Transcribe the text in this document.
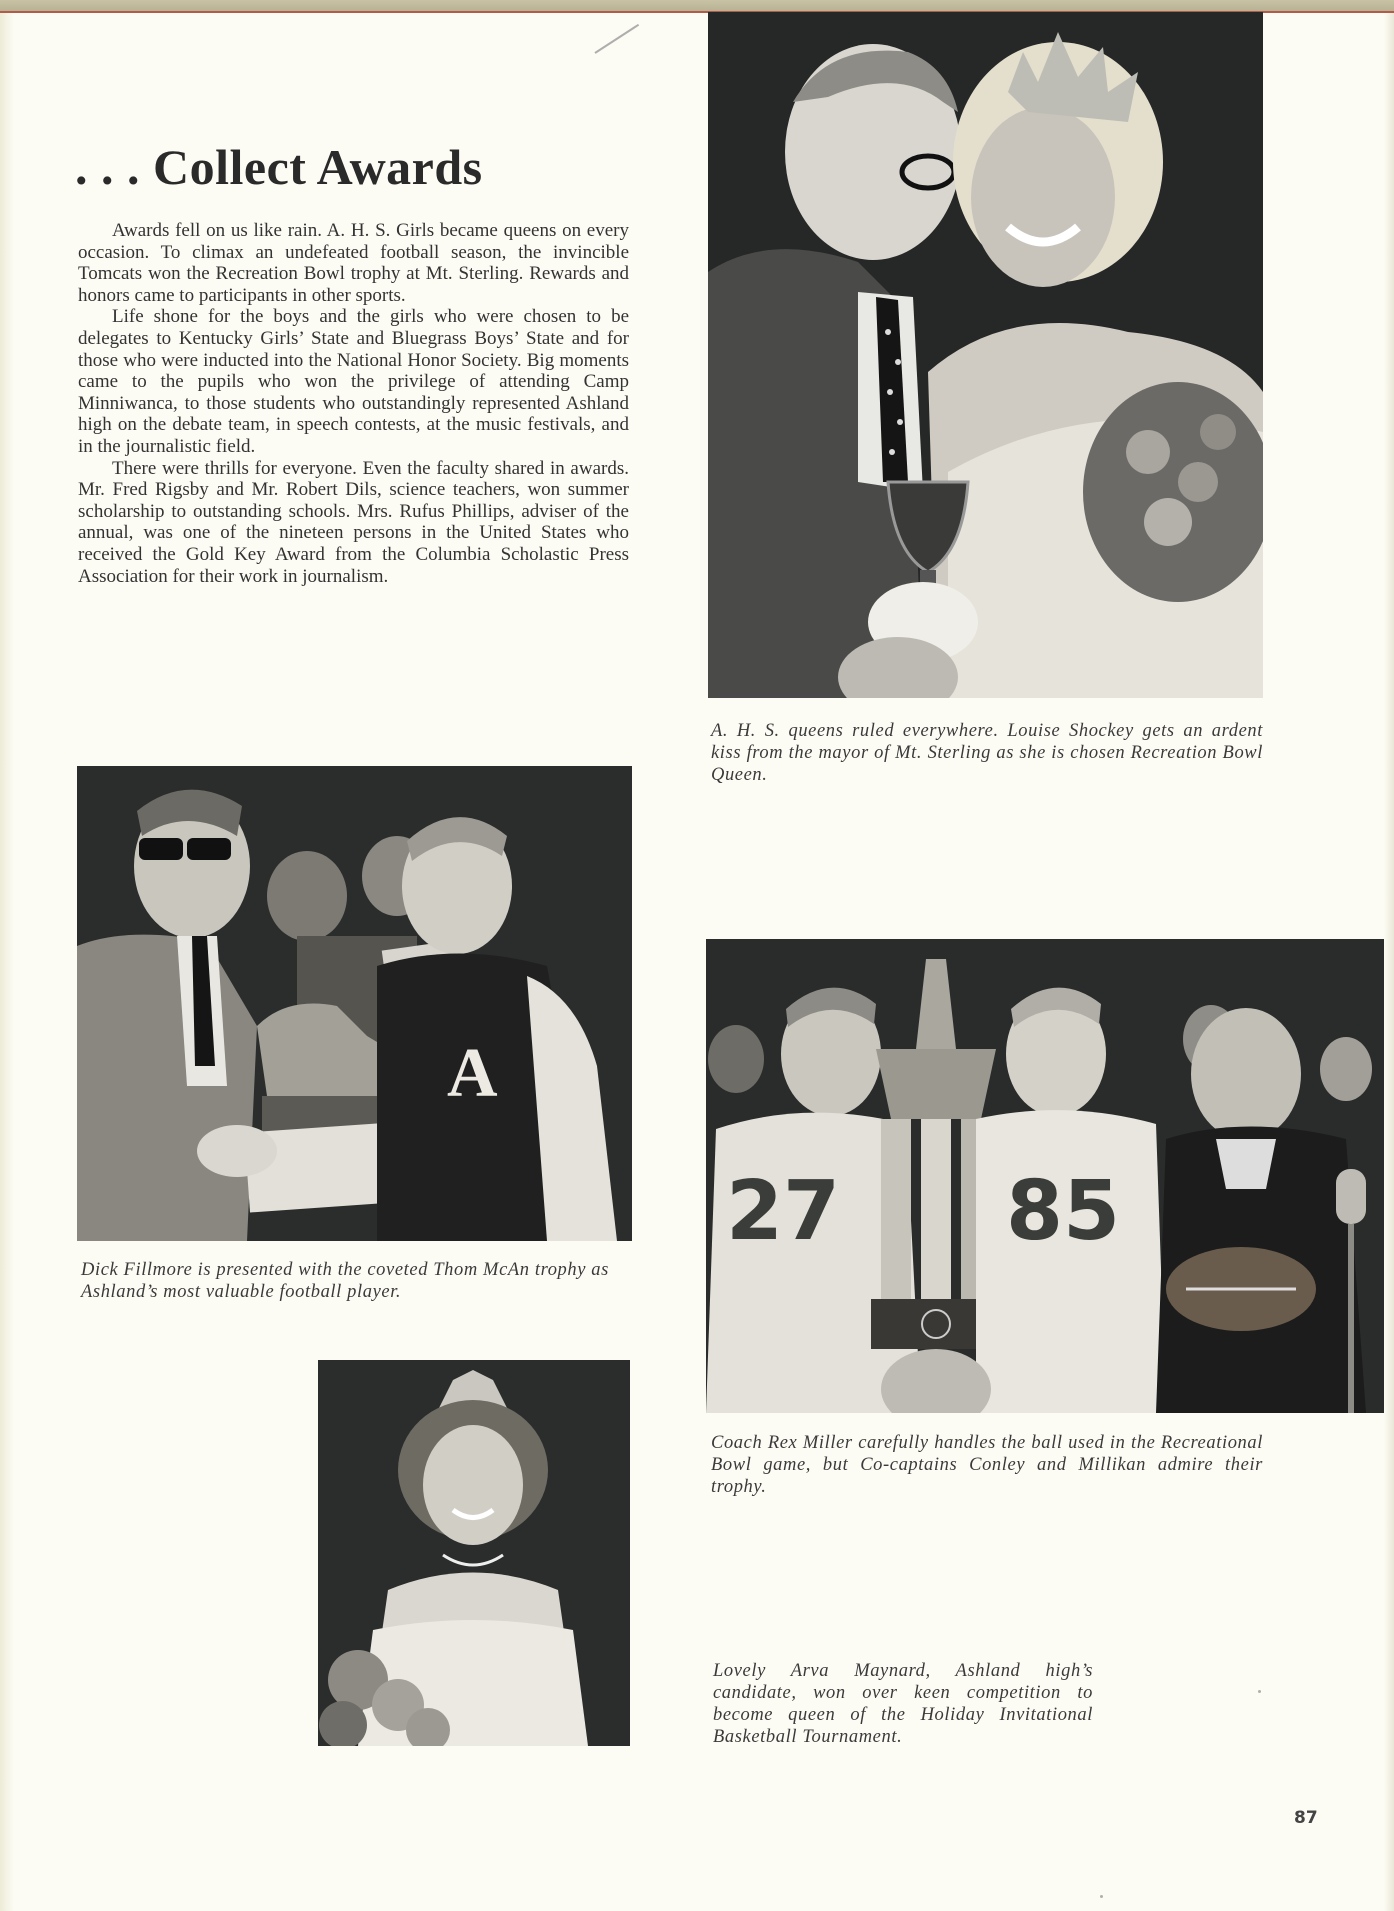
. . . Collect Awards

Awards fell on us like rain. A. H. S. Girls became queens on every occasion. To climax an undefeated football season, the invincible Tomcats won the Recreation Bowl trophy at Mt. Sterling. Rewards and honors came to participants in other sports.

Life shone for the boys and the girls who were chosen to be delegates to Kentucky Girls’ State and Bluegrass Boys’ State and for those who were inducted into the National Honor Society. Big moments came to the pupils who won the privilege of attending Camp Minniwanca, to those students who outstandingly represented Ashland high on the debate team, in speech contests, at the music festivals, and in the journalistic field.

There were thrills for everyone. Even the faculty shared in awards. Mr. Fred Rigsby and Mr. Robert Dils, science teachers, won summer scholarship to outstanding schools. Mrs. Rufus Phillips, adviser of the annual, was one of the nineteen persons in the United States who received the Gold Key Award from the Columbia Scholastic Press Association for their work in journalism.

A. H. S. queens ruled everywhere. Louise Shockey gets an ardent kiss from the mayor of Mt. Sterling as she is chosen Recreation Bowl Queen.

A

Dick Fillmore is presented with the coveted Thom McAn trophy as Ashland’s most valuable football player.

27 85

Coach Rex Miller carefully handles the ball used in the Recreational Bowl game, but Co-captains Conley and Millikan admire their trophy.

Lovely Arva Maynard, Ashland high’s candidate, won over keen competition to become queen of the Holiday Invitational Basketball Tournament.

87
